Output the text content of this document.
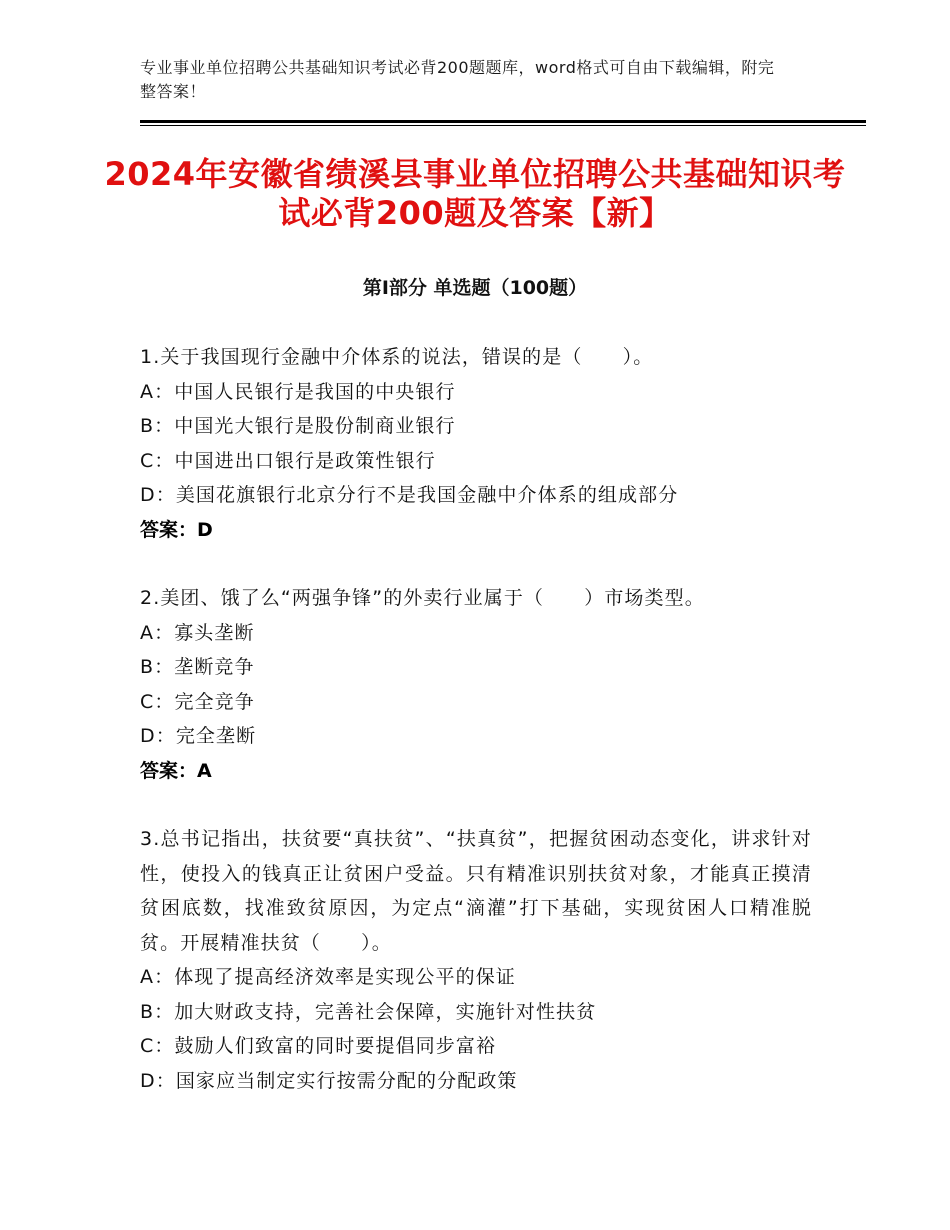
专业事业单位招聘公共基础知识考试必背200题题库，word格式可自由下载编辑，附完整答案！
2024年安徽省绩溪县事业单位招聘公共基础知识考试必背200题及答案【新】
第Ⅰ部分 单选题（100题）
1.关于我国现行金融中介体系的说法，错误的是（　　）。
A：中国人民银行是我国的中央银行
B：中国光大银行是股份制商业银行
C：中国进出口银行是政策性银行
D：美国花旗银行北京分行不是我国金融中介体系的组成部分
答案：D
2.美团、饿了么“两强争锋”的外卖行业属于（　　）市场类型。
A：寡头垄断
B：垄断竞争
C：完全竞争
D：完全垄断
答案：A
3.总书记指出，扶贫要“真扶贫”、“扶真贫”，把握贫困动态变化，讲求针对性，使投入的钱真正让贫困户受益。只有精准识别扶贫对象，才能真正摸清贫困底数，找准致贫原因，为定点“滴灌”打下基础，实现贫困人口精准脱贫。开展精准扶贫（　　）。
A：体现了提高经济效率是实现公平的保证
B：加大财政支持，完善社会保障，实施针对性扶贫
C：鼓励人们致富的同时要提倡同步富裕
D：国家应当制定实行按需分配的分配政策
